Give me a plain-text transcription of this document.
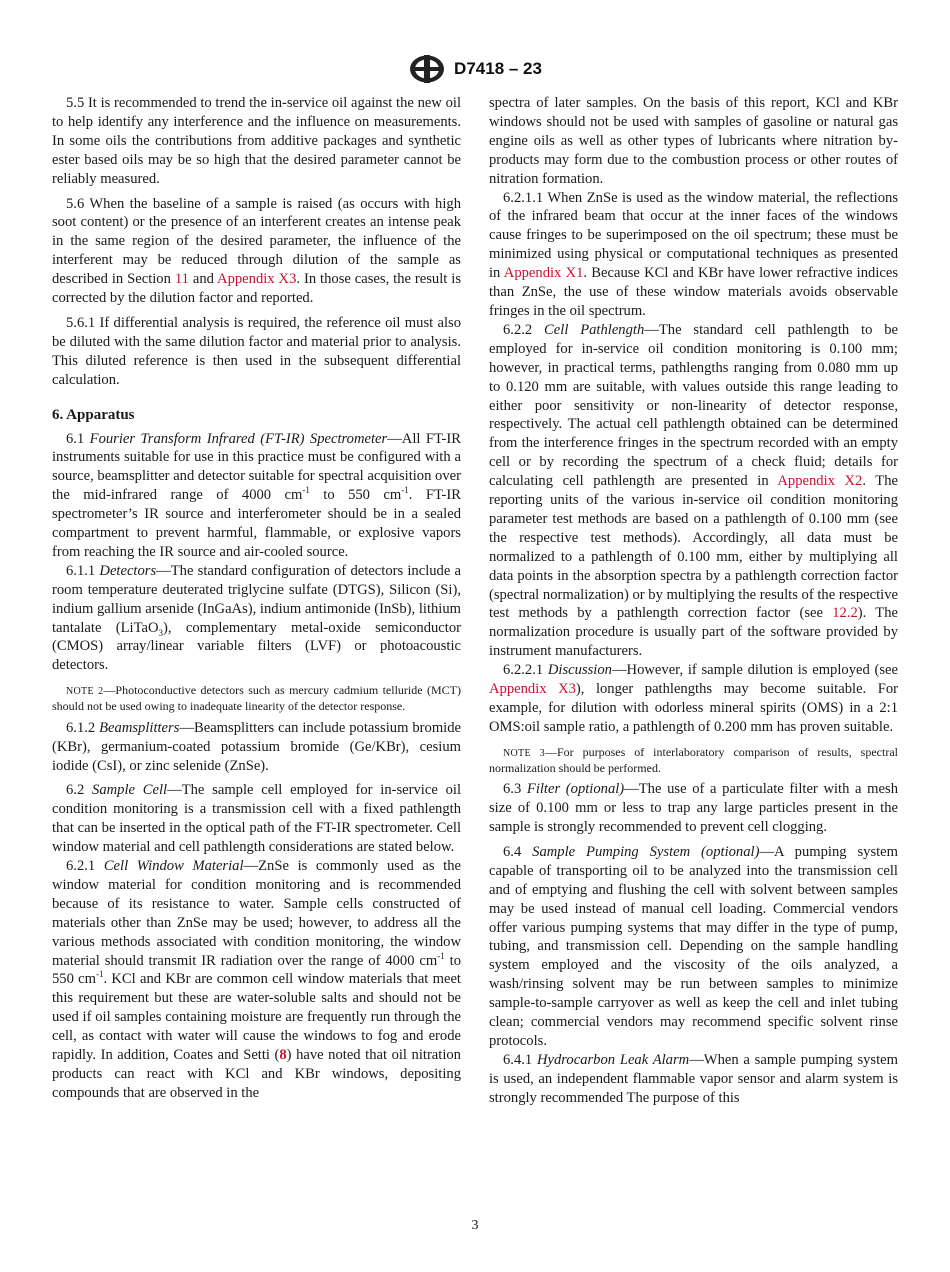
D7418 – 23

5.5 It is recommended to trend the in-service oil against the new oil to help identify any interference and the influence on measurements. In some oils the contributions from additive packages and synthetic ester based oils may be so high that the desired parameter cannot be reliably measured.

5.6 When the baseline of a sample is raised (as occurs with high soot content) or the presence of an interferent creates an intense peak in the same region of the desired parameter, the influence of the interferent may be reduced through dilution of the sample as described in Section 11 and Appendix X3. In those cases, the result is corrected by the dilution factor and reported.

5.6.1 If differential analysis is required, the reference oil must also be diluted with the same dilution factor and material prior to analysis. This diluted reference is then used in the subsequent differential calculation.

6. Apparatus

6.1 Fourier Transform Infrared (FT-IR) Spectrometer—All FT-IR instruments suitable for use in this practice must be configured with a source, beamsplitter and detector suitable for spectral acquisition over the mid-infrared range of 4000 $cm^{-1}$ to 550 $cm^{-1}$. FT-IR spectrometer’s IR source and interferometer should be in a sealed compartment to prevent harmful, flammable, or explosive vapors from reaching the IR source and air-cooled source.

6.1.1 Detectors—The standard configuration of detectors include a room temperature deuterated triglycine sulfate (DTGS), Silicon (Si), indium gallium arsenide (InGaAs), indium antimonide (InSb), lithium tantalate (LiTaO$_3$), complementary metal-oxide semiconductor (CMOS) array/linear variable filters (LVF) or photoacoustic detectors.

NOTE 2—Photoconductive detectors such as mercury cadmium telluride (MCT) should not be used owing to inadequate linearity of the detector response.

6.1.2 Beamsplitters—Beamsplitters can include potassium bromide (KBr), germanium-coated potassium bromide (Ge/KBr), cesium iodide (CsI), or zinc selenide (ZnSe).

6.2 Sample Cell—The sample cell employed for in-service oil condition monitoring is a transmission cell with a fixed pathlength that can be inserted in the optical path of the FT-IR spectrometer. Cell window material and cell pathlength considerations are stated below.

6.2.1 Cell Window Material—ZnSe is commonly used as the window material for condition monitoring and is recommended because of its resistance to water. Sample cells constructed of materials other than ZnSe may be used; however, to address all the various methods associated with condition monitoring, the window material should transmit IR radiation over the range of 4000 $cm^{-1}$ to 550 $cm^{-1}$. KCl and KBr are common cell window materials that meet this requirement but these are water-soluble salts and should not be used if oil samples containing moisture are frequently run through the cell, as contact with water will cause the windows to fog and erode rapidly. In addition, Coates and Setti (8) have noted that oil nitration products can react with KCl and KBr windows, depositing compounds that are observed in the

spectra of later samples. On the basis of this report, KCl and KBr windows should not be used with samples of gasoline or natural gas engine oils as well as other types of lubricants where nitration by-products may form due to the combustion process or other routes of nitration formation.

6.2.1.1 When ZnSe is used as the window material, the reflections of the infrared beam that occur at the inner faces of the windows cause fringes to be superimposed on the oil spectrum; these must be minimized using physical or computational techniques as presented in Appendix X1. Because KCl and KBr have lower refractive indices than ZnSe, the use of these window materials avoids observable fringes in the oil spectrum.

6.2.2 Cell Pathlength—The standard cell pathlength to be employed for in-service oil condition monitoring is 0.100 mm; however, in practical terms, pathlengths ranging from 0.080 mm up to 0.120 mm are suitable, with values outside this range leading to either poor sensitivity or non-linearity of detector response, respectively. The actual cell pathlength obtained can be determined from the interference fringes in the spectrum recorded with an empty cell or by recording the spectrum of a check fluid; details for calculating cell pathlength are presented in Appendix X2. The reporting units of the various in-service oil condition monitoring parameter test methods are based on a pathlength of 0.100 mm (see the respective test methods). Accordingly, all data must be normalized to a pathlength of 0.100 mm, either by multiplying all data points in the absorption spectra by a pathlength correction factor (spectral normalization) or by multiplying the results of the respective test methods by a pathlength correction factor (see 12.2). The normalization procedure is usually part of the software provided by instrument manufacturers.

6.2.2.1 Discussion—However, if sample dilution is employed (see Appendix X3), longer pathlengths may become suitable. For example, for dilution with odorless mineral spirits (OMS) in a 2:1 OMS:oil sample ratio, a pathlength of 0.200 mm has proven suitable.

NOTE 3—For purposes of interlaboratory comparison of results, spectral normalization should be performed.

6.3 Filter (optional)—The use of a particulate filter with a mesh size of 0.100 mm or less to trap any large particles present in the sample is strongly recommended to prevent cell clogging.

6.4 Sample Pumping System (optional)—A pumping system capable of transporting oil to be analyzed into the transmission cell and of emptying and flushing the cell with solvent between samples may be used instead of manual cell loading. Commercial vendors offer various pumping systems that may differ in the type of pump, tubing, and transmission cell. Depending on the sample handling system employed and the viscosity of the oils analyzed, a wash/rinsing solvent may be run between samples to minimize sample-to-sample carryover as well as keep the cell and inlet tubing clean; commercial vendors may recommend specific solvent rinse protocols.

6.4.1 Hydrocarbon Leak Alarm—When a sample pumping system is used, an independent flammable vapor sensor and alarm system is strongly recommended The purpose of this

3
